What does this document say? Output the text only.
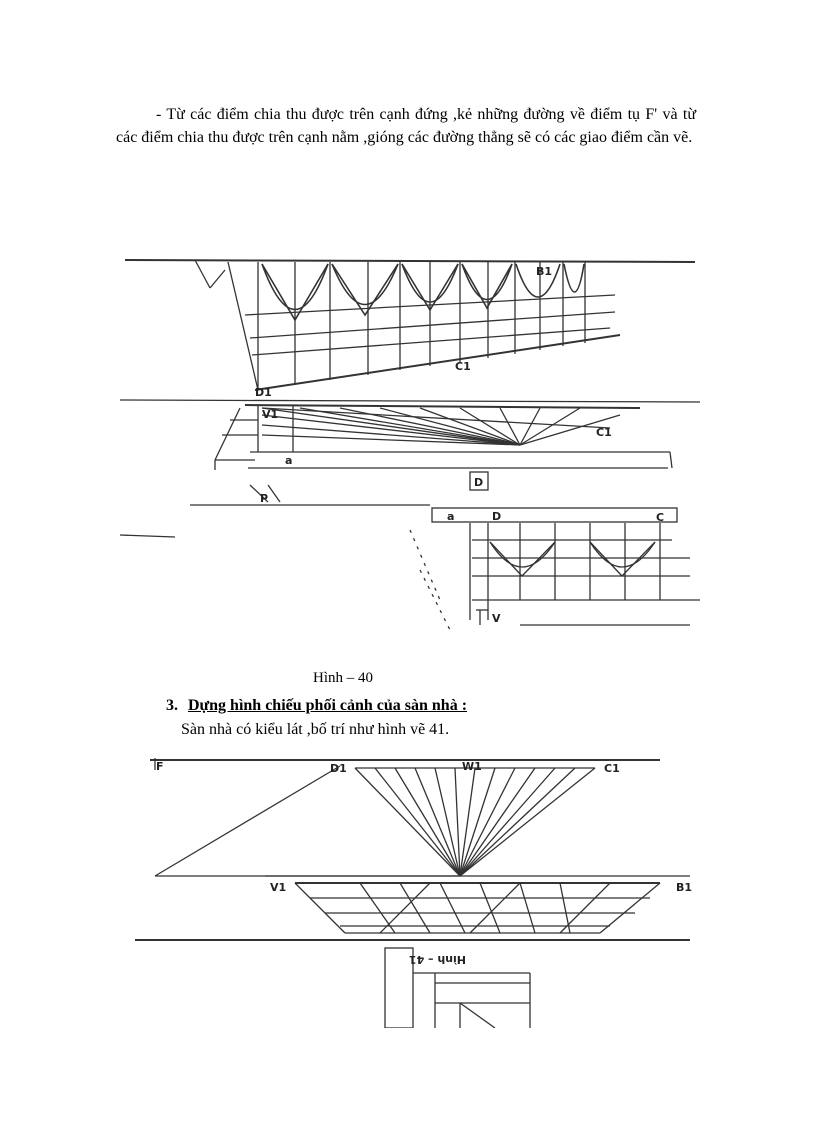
- Từ các điểm chia thu được trên cạnh đứng ,kẻ những đường về điểm tụ F' và từ các điểm chia thu được trên cạnh nằm ,gióng các đường thẳng sẽ có các giao điểm cần vẽ.
B1
C1
D1
V1
C1
a
D
P
a	D	C
V
Hình – 40
3. Dựng hình chiếu phối cảnh của sàn nhà :
Sàn nhà có kiểu lát ,bố trí như hình vẽ 41.
F	W1
D1	C1
V1	B1
Hình – 41
